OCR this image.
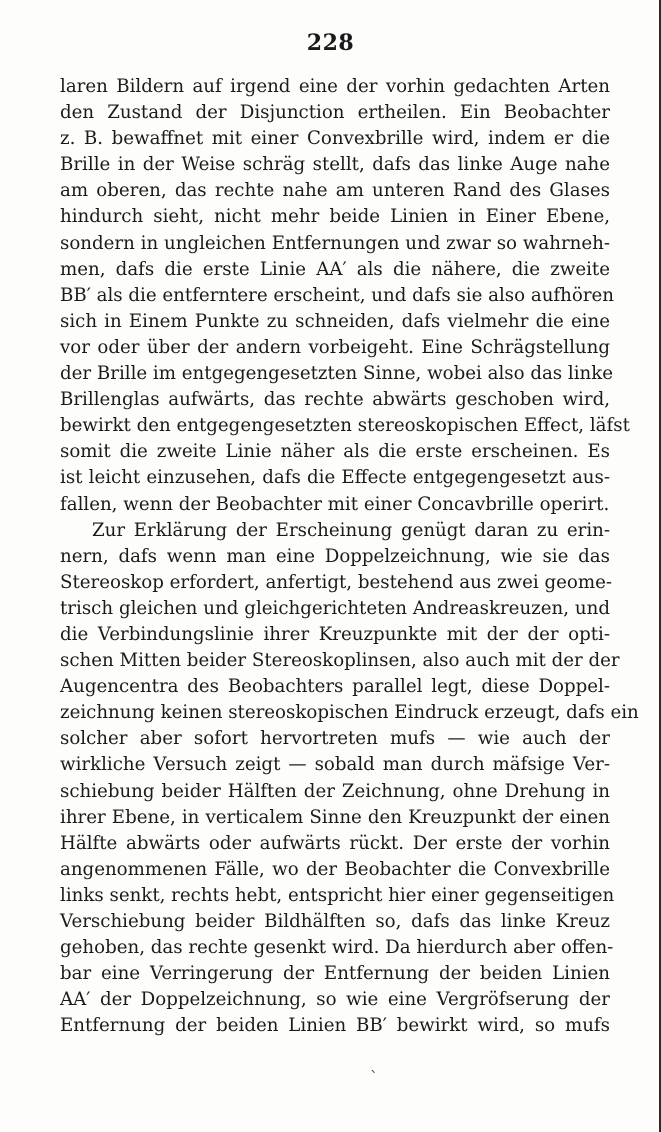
228
laren Bildern auf irgend eine der vorhin gedachten Arten
den Zustand der Disjunction ertheilen. Ein Beobachter
z. B. bewaffnet mit einer Convexbrille wird, indem er die
Brille in der Weise schräg stellt, dafs das linke Auge nahe
am oberen, das rechte nahe am unteren Rand des Glases
hindurch sieht, nicht mehr beide Linien in Einer Ebene,
sondern in ungleichen Entfernungen und zwar so wahrneh-
men, dafs die erste Linie AA′ als die nähere, die zweite
BB′ als die entferntere erscheint, und dafs sie also aufhören
sich in Einem Punkte zu schneiden, dafs vielmehr die eine
vor oder über der andern vorbeigeht. Eine Schrägstellung
der Brille im entgegengesetzten Sinne, wobei also das linke
Brillenglas aufwärts, das rechte abwärts geschoben wird,
bewirkt den entgegengesetzten stereoskopischen Effect, läfst
somit die zweite Linie näher als die erste erscheinen. Es
ist leicht einzusehen, dafs die Effecte entgegengesetzt aus-
fallen, wenn der Beobachter mit einer Concavbrille operirt.
Zur Erklärung der Erscheinung genügt daran zu erin-
nern, dafs wenn man eine Doppelzeichnung, wie sie das
Stereoskop erfordert, anfertigt, bestehend aus zwei geome-
trisch gleichen und gleichgerichteten Andreaskreuzen, und
die Verbindungslinie ihrer Kreuzpunkte mit der der opti-
schen Mitten beider Stereoskoplinsen, also auch mit der der
Augencentra des Beobachters parallel legt, diese Doppel-
zeichnung keinen stereoskopischen Eindruck erzeugt, dafs ein
solcher aber sofort hervortreten mufs — wie auch der
wirkliche Versuch zeigt — sobald man durch mäfsige Ver-
schiebung beider Hälften der Zeichnung, ohne Drehung in
ihrer Ebene, in verticalem Sinne den Kreuzpunkt der einen
Hälfte abwärts oder aufwärts rückt. Der erste der vorhin
angenommenen Fälle, wo der Beobachter die Convexbrille
links senkt, rechts hebt, entspricht hier einer gegenseitigen
Verschiebung beider Bildhälften so, dafs das linke Kreuz
gehoben, das rechte gesenkt wird. Da hierdurch aber offen-
bar eine Verringerung der Entfernung der beiden Linien
AA′ der Doppelzeichnung, so wie eine Vergröfserung der
Entfernung der beiden Linien BB′ bewirkt wird, so mufs
ˋ
